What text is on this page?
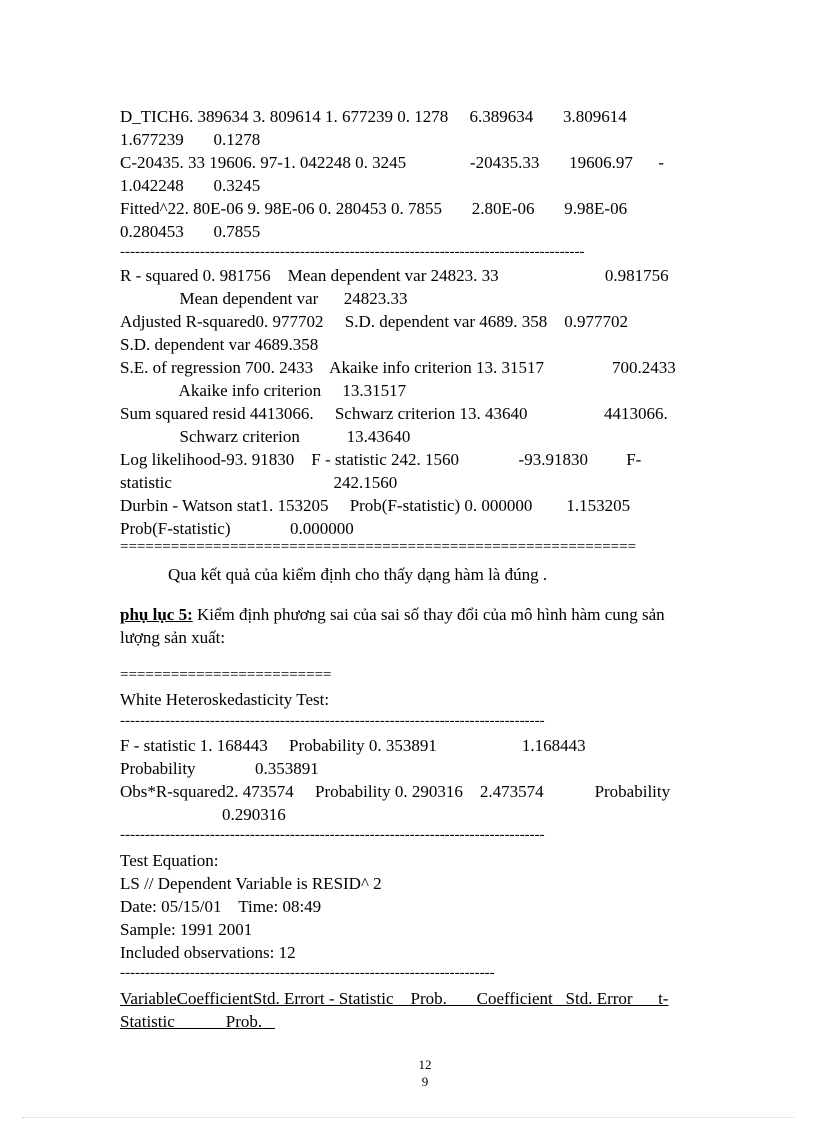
D_TICH6. 389634 3. 809614 1. 677239 0. 1278     6.389634       3.809614
1.677239       0.1278
C-20435. 33 19606. 97-1. 042248 0. 3245               -20435.33       19606.97      -
1.042248       0.3245
Fitted^22. 80E-06 9. 98E-06 0. 280453 0. 7855       2.80E-06       9.98E-06
0.280453       0.7855
---------------------------------------------------------------------------------------------
R - squared 0. 981756    Mean dependent var 24823. 33                         0.981756
Mean dependent var      24823.33
Adjusted R-squared0. 977702     S.D. dependent var 4689. 358    0.977702
S.D. dependent var 4689.358
S.E. of regression 700. 2433    Akaike info criterion 13. 31517                700.2433
Akaike info criterion     13.31517
Sum squared resid 4413066.     Schwarz criterion 13. 43640                  4413066.
Schwarz criterion           13.43640
Log likelihood-93. 91830    F - statistic 242. 1560              -93.91830         F-
statistic                                      242.1560
Durbin - Watson stat1. 153205     Prob(F-statistic) 0. 000000        1.153205
Prob(F-statistic)              0.000000
=============================================================
Qua kết quả của kiểm định cho thấy dạng hàm là đúng .
phụ lục 5: Kiểm định phương sai của sai số thay đổi của mô hình hàm cung sản
lượng sản xuất:
=========================
White Heteroskedasticity Test:
-------------------------------------------------------------------------------------
F - statistic 1. 168443     Probability 0. 353891                    1.168443
Probability              0.353891
Obs*R-squared2. 473574     Probability 0. 290316    2.473574            Probability
0.290316
-------------------------------------------------------------------------------------
Test Equation:
LS // Dependent Variable is RESID^ 2
Date: 05/15/01    Time: 08:49
Sample: 1991 2001
Included observations: 12
---------------------------------------------------------------------------
VariableCoefficientStd. Errort - Statistic    Prob.       Coefficient   Std. Error      t-
Statistic            Prob.
12
9
